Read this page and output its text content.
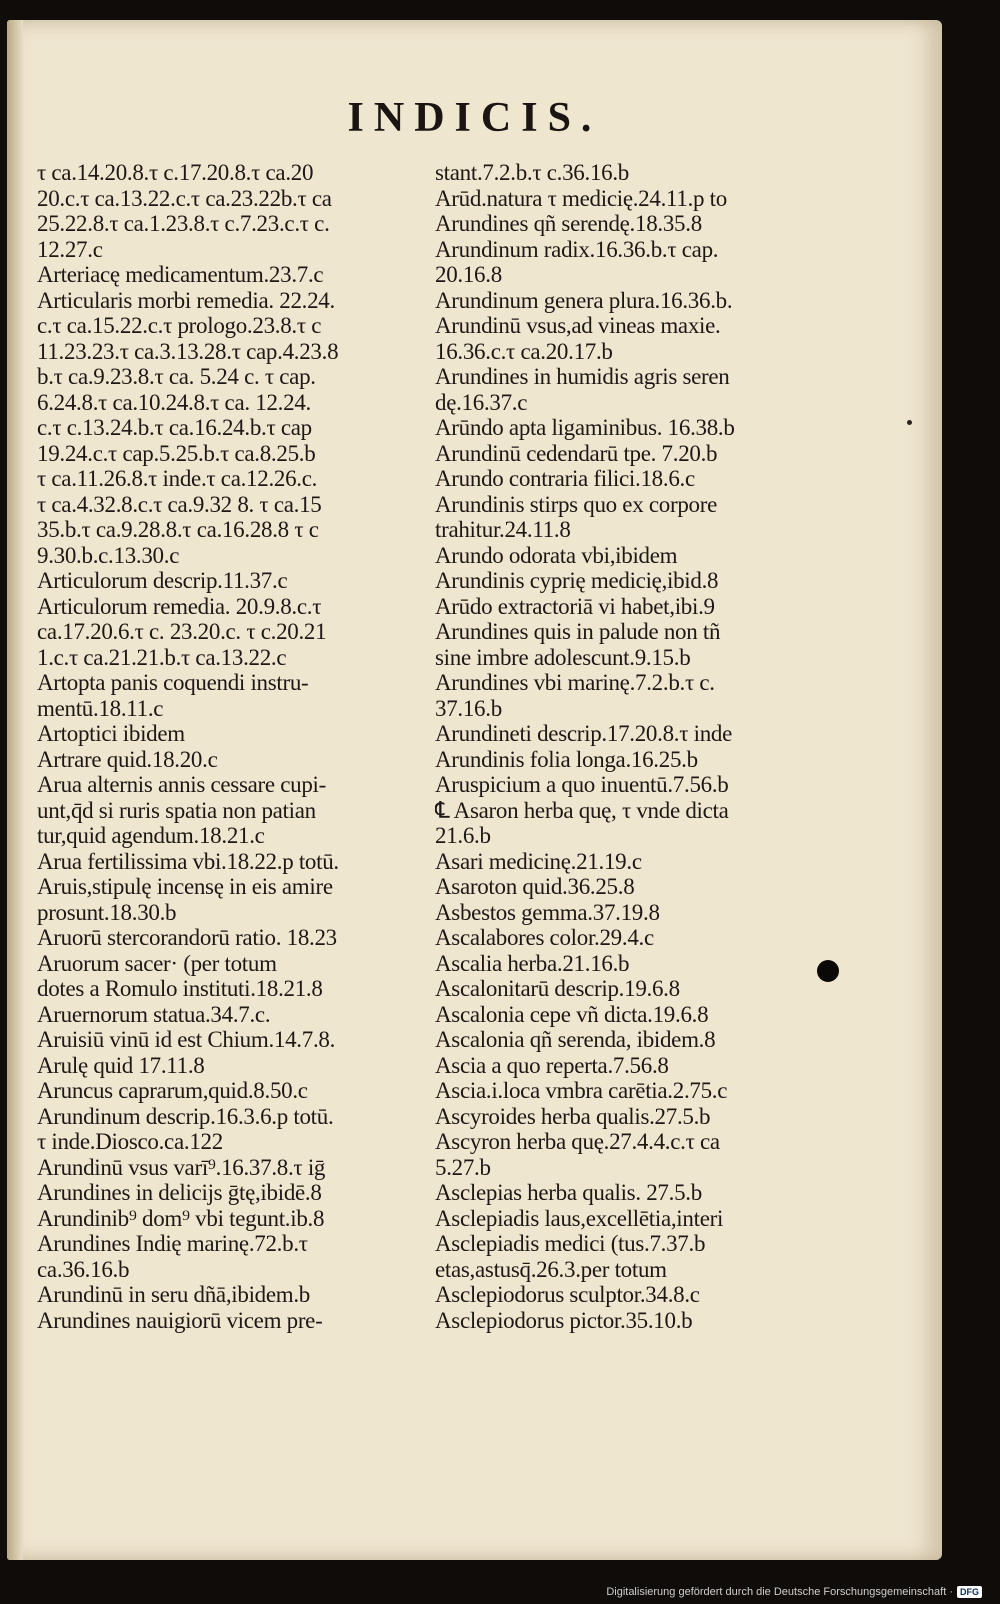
INDICIS.
τ ca.14.20.8.τ c.17.20.8.τ ca.20
20.c.τ ca.13.22.c.τ ca.23.22b.τ ca
25.22.8.τ ca.1.23.8.τ c.7.23.c.τ c.
12.27.c
Arteriacę medicamentum.23.7.c
Articularis morbi remedia. 22.24.
c.τ ca.15.22.c.τ prologo.23.8.τ c
11.23.23.τ ca.3.13.28.τ cap.4.23.8
b.τ ca.9.23.8.τ ca. 5.24 c. τ cap.
6.24.8.τ ca.10.24.8.τ ca. 12.24.
c.τ c.13.24.b.τ ca.16.24.b.τ cap
19.24.c.τ cap.5.25.b.τ ca.8.25.b
τ ca.11.26.8.τ inde.τ ca.12.26.c.
τ ca.4.32.8.c.τ ca.9.32 8. τ ca.15
35.b.τ ca.9.28.8.τ ca.16.28.8 τ c
9.30.b.c.13.30.c
Articulorum descrip.11.37.c
Articulorum remedia. 20.9.8.c.τ
ca.17.20.6.τ c. 23.20.c. τ c.20.21
1.c.τ ca.21.21.b.τ ca.13.22.c
Artopta panis coquendi instru-
mentū.18.11.c
Artoptici ibidem
Artrare quid.18.20.c
Arua alternis annis cessare cupi-
unt,q̄d si ruris spatia non patian
tur,quid agendum.18.21.c
Arua fertilissima vbi.18.22.p totū.
Aruis,stipulę incensę in eis amire
prosunt.18.30.b
Aruorū stercorandorū ratio. 18.23
Aruorum sacer· (per totum
dotes a Romulo instituti.18.21.8
Aruernorum statua.34.7.c.
Aruisiū vinū id est Chium.14.7.8.
Arulę quid 17.11.8
Aruncus caprarum,quid.8.50.c
Arundinum descrip.16.3.6.p totū.
τ inde.Diosco.ca.122
Arundinū vsus varī⁹.16.37.8.τ iḡ
Arundines in delicijs ḡtę,ibidē.8
Arundinib⁹ dom⁹ vbi tegunt.ib.8
Arundines Indię marinę.72.b.τ
ca.36.16.b
Arundinū in seru dñā,ibidem.b
Arundines nauigiorū vicem pre-
stant.7.2.b.τ c.36.16.b
Arūd.natura τ medicię.24.11.p to
Arundines qñ serendę.18.35.8
Arundinum radix.16.36.b.τ cap.
20.16.8
Arundinum genera plura.16.36.b.
Arundinū vsus,ad vineas maxie.
16.36.c.τ ca.20.17.b
Arundines in humidis agris seren
dę.16.37.c
Arūndo apta ligaminibus. 16.38.b
Arundinū cedendarū tpe. 7.20.b
Arundo contraria filici.18.6.c
Arundinis stirps quo ex corpore
trahitur.24.11.8
Arundo odorata vbi,ibidem
Arundinis cyprię medicię,ibid.8
Arūdo extractoriā vi habet,ibi.9
Arundines quis in palude non tñ
sine imbre adolescunt.9.15.b
Arundines vbi marinę.7.2.b.τ c.
37.16.b
Arundineti descrip.17.20.8.τ inde
Arundinis folia longa.16.25.b
Aruspicium a quo inuentū.7.56.b
℄ Asaron herba quę, τ vnde dicta
21.6.b
Asari medicinę.21.19.c
Asaroton quid.36.25.8
Asbestos gemma.37.19.8
Ascalabores color.29.4.c
Ascalia herba.21.16.b
Ascalonitarū descrip.19.6.8
Ascalonia cepe vñ dicta.19.6.8
Ascalonia qñ serenda, ibidem.8
Ascia a quo reperta.7.56.8
Ascia.i.loca vmbra carētia.2.75.c
Ascyroides herba qualis.27.5.b
Ascyron herba quę.27.4.4.c.τ ca
5.27.b
Asclepias herba qualis. 27.5.b
Asclepiadis laus,excellētia,interi
Asclepiadis medici (tus.7.37.b
etas,astusq̄.26.3.per totum
Asclepiodorus sculptor.34.8.c
Asclepiodorus pictor.35.10.b
Digitalisierung gefördert durch die Deutsche Forschungsgemeinschaft · DFG
